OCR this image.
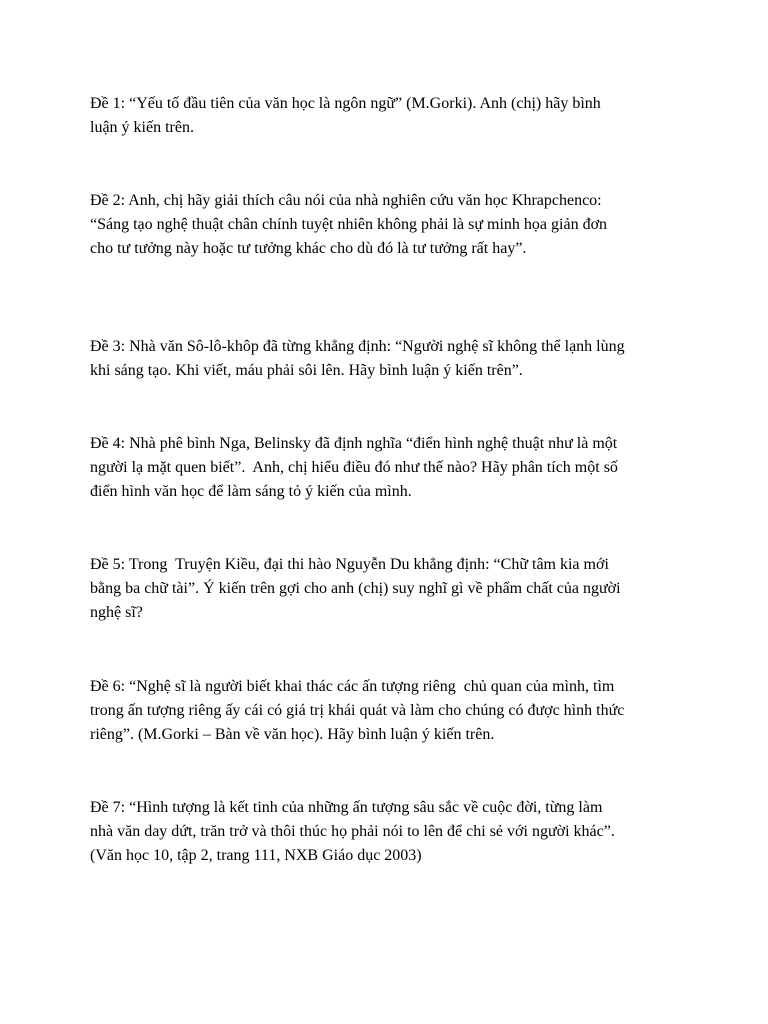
Đề 1: “Yếu tố đầu tiên của văn học là ngôn ngữ” (M.Gorki). Anh (chị) hãy bình
luận ý kiến trên.

Đề 2: Anh, chị hãy giải thích câu nói của nhà nghiên cứu văn học Khrapchenco:
“Sáng tạo nghệ thuật chân chính tuyệt nhiên không phải là sự minh họa giản đơn
cho tư tưởng này hoặc tư tưởng khác cho dù đó là tư tưởng rất hay”.

Đề 3: Nhà văn Sô-lô-khôp đã từng khẳng định: “Người nghệ sĩ không thể lạnh lùng
khi sáng tạo. Khi viết, máu phải sôi lên. Hãy bình luận ý kiến trên”.

Đề 4: Nhà phê bình Nga, Belinsky đã định nghĩa “điển hình nghệ thuật như là một
người lạ mặt quen biết”.  Anh, chị hiểu điều đó như thế nào? Hãy phân tích một số
điển hình văn học để làm sáng tỏ ý kiến của mình.

Đề 5: Trong  Truyện Kiều, đại thi hào Nguyễn Du khẳng định: “Chữ tâm kia mới
bằng ba chữ tài”. Ý kiến trên gợi cho anh (chị) suy nghĩ gì về phẩm chất của người
nghệ sĩ?

Đề 6: “Nghệ sĩ là người biết khai thác các ấn tượng riêng  chủ quan của mình, tìm
trong ấn tượng riêng ấy cái có giá trị khái quát và làm cho chúng có được hình thức
riêng”. (M.Gorki – Bàn về văn học). Hãy bình luận ý kiến trên.

Đề 7: “Hình tượng là kết tinh của những ấn tượng sâu sắc về cuộc đời, từng làm
nhà văn day dứt, trăn trở và thôi thúc họ phải nói to lên để chi sẻ với người khác”.
(Văn học 10, tập 2, trang 111, NXB Giáo dục 2003)
